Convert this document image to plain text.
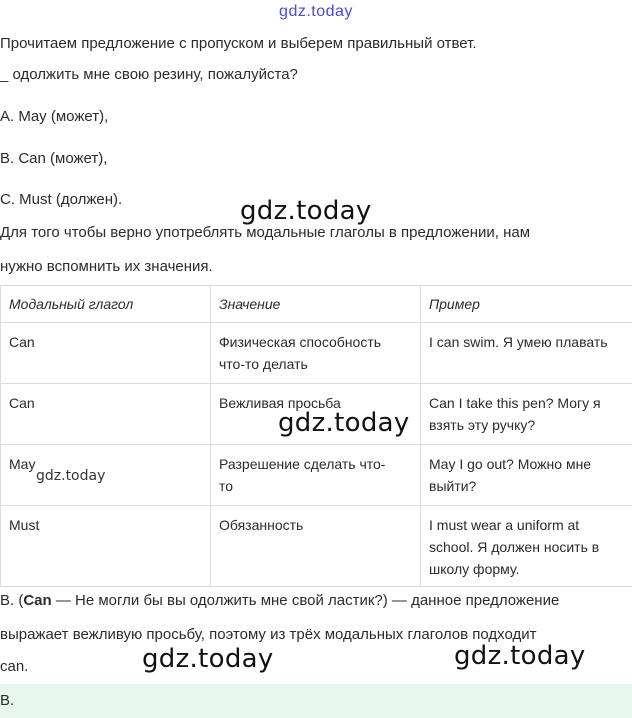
gdz.today
Прочитаем предложение с пропуском и выберем правильный ответ.
_ одолжить мне свою резину, пожалуйста?
A. May (может),
B. Can (может),
C. Must (должен).
Для того чтобы верно употреблять модальные глаголы в предложении, нам
нужно вспомнить их значения.
Модальный глагол	Значение	Пример
Can	Физическая способность
что-то делать	I can swim. Я умею плавать
Can	Вежливая просьба	Can I take this pen? Могу я
взять эту ручку?
May	Разрешение сделать что-
то	May I go out? Можно мне
выйти?
Must	Обязанность	I must wear a uniform at
school. Я должен носить в
школу форму.
B. (Can — Не могли бы вы одолжить мне свой ластик?) — данное предложение
выражает вежливую просьбу, поэтому из трёх модальных глаголов подходит
can.
B.
gdz.today
gdz.today
gdz.today
gdz.today	gdz.today
